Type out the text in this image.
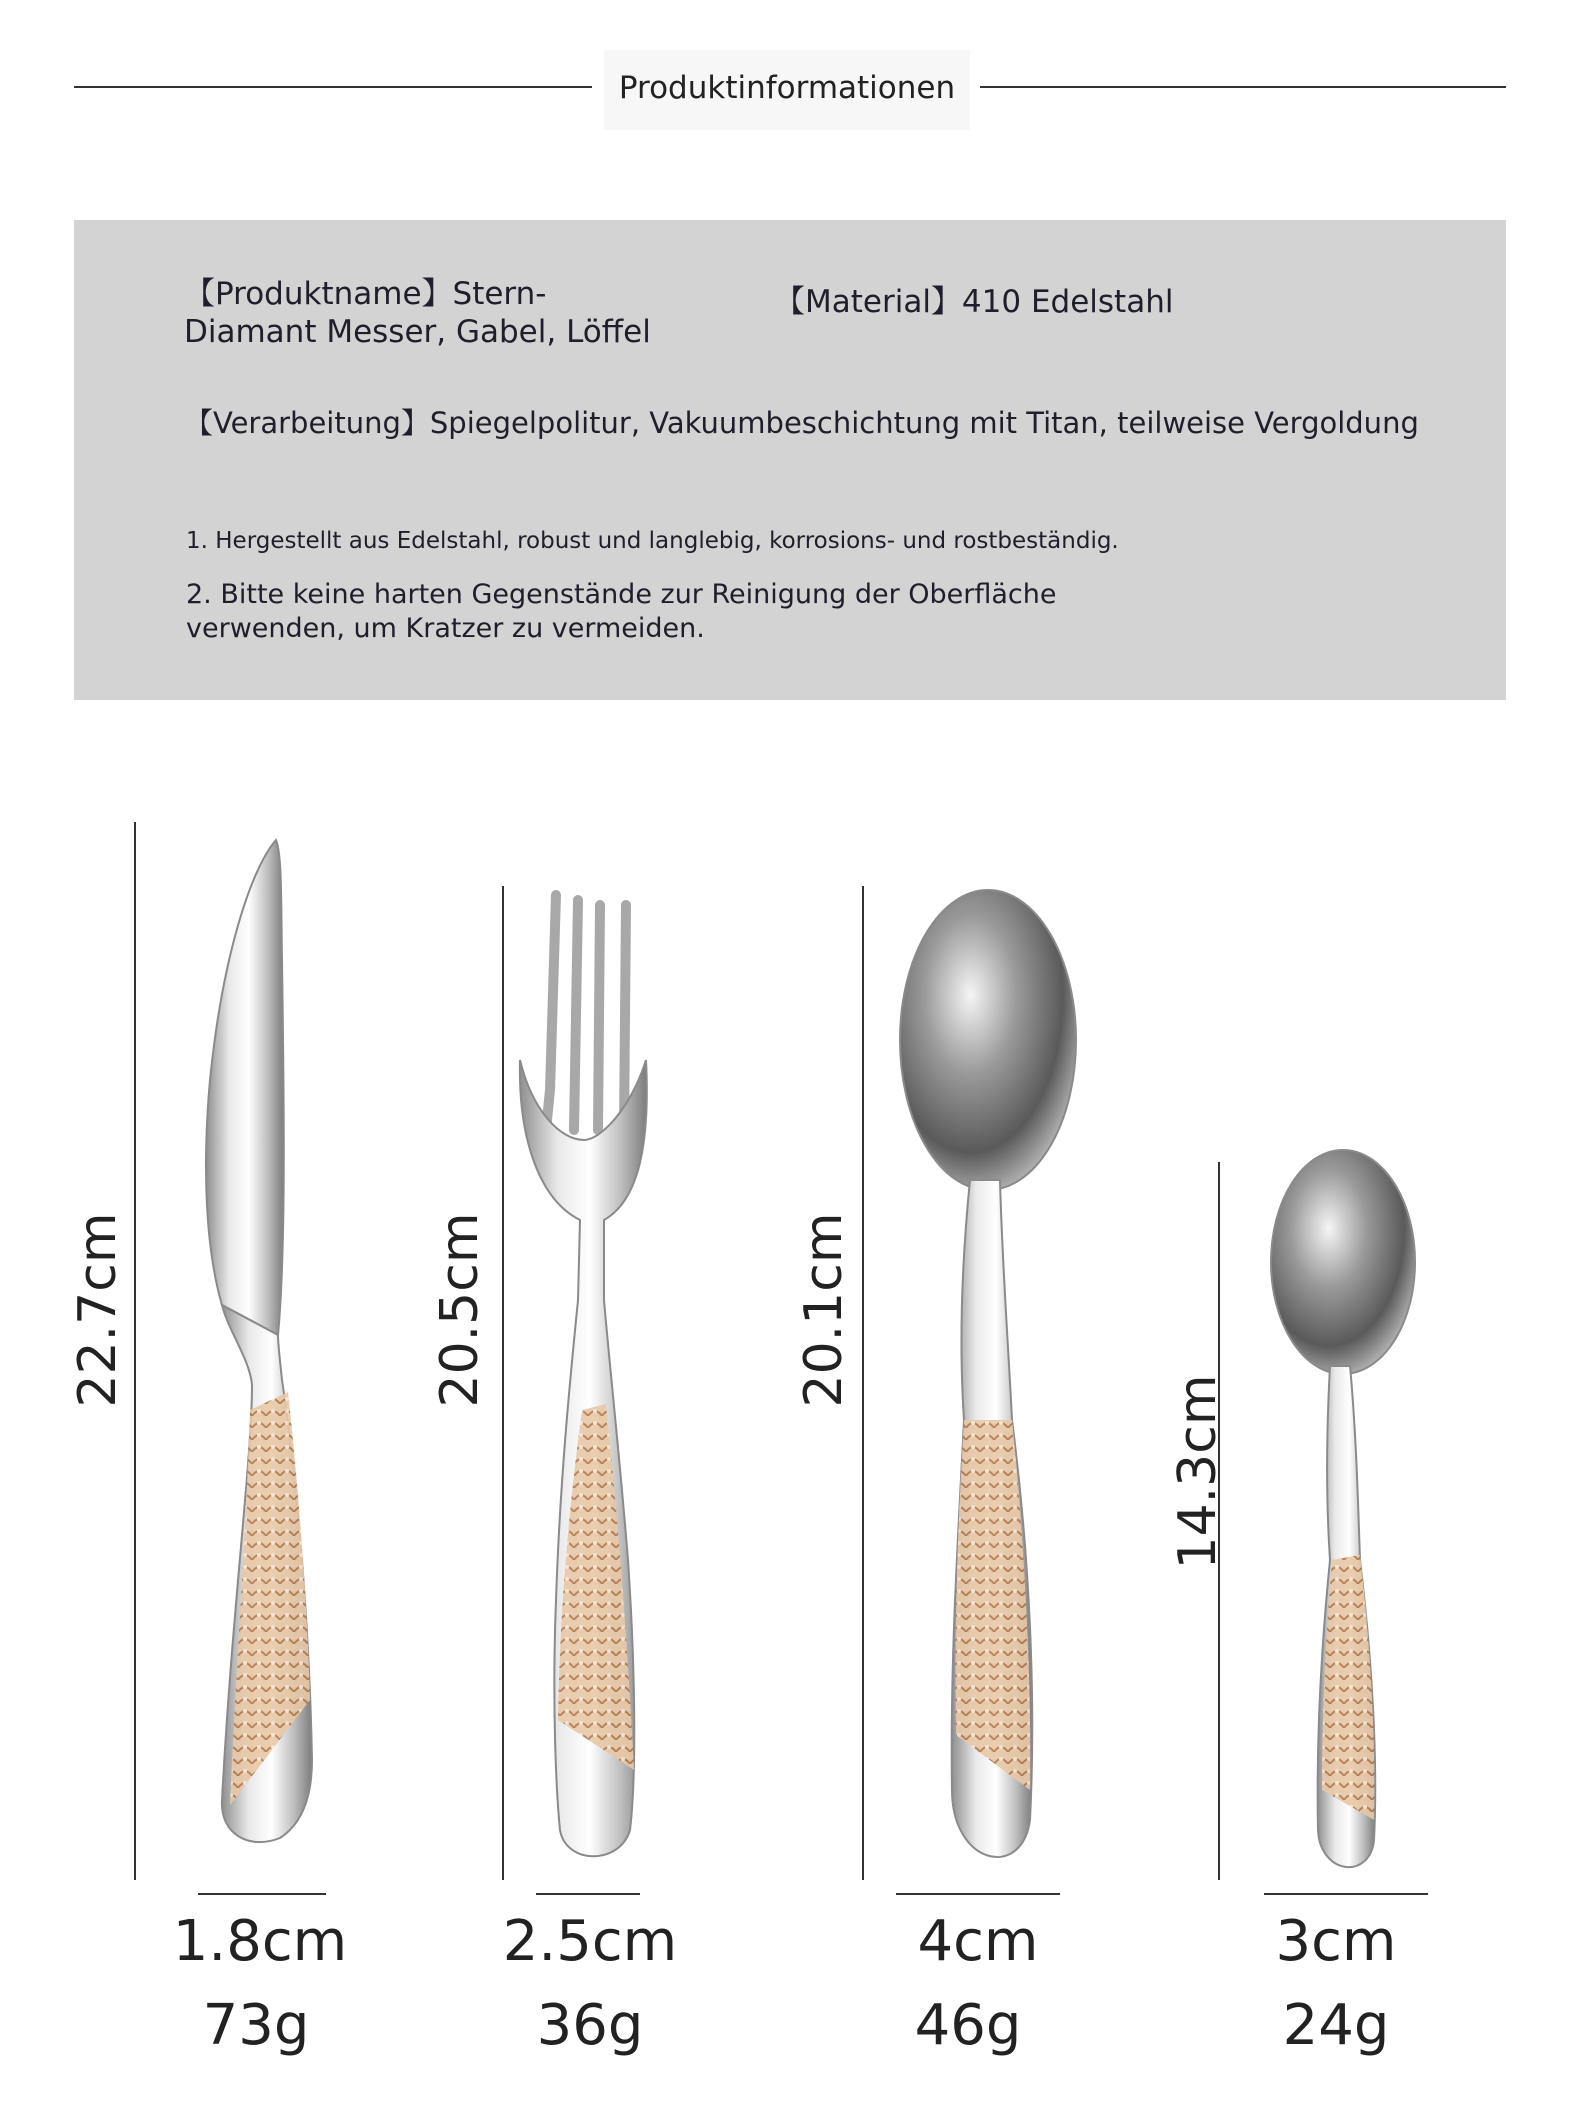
Produktinformationen
【Produktname】Stern-Diamant Messer, Gabel, Löffel
【Material】410 Edelstahl
【Verarbeitung】Spiegelpolitur, Vakuumbeschichtung mit Titan, teilweise Vergoldung
1. Hergestellt aus Edelstahl, robust und langlebig, korrosions- und rostbeständig.
2. Bitte keine harten Gegenstände zur Reinigung der Oberfläche verwenden, um Kratzer zu vermeiden.
22.7cm	20.5cm	20.1cm
14.3cm
1.8cm	2.5cm	4cm	3cm
73g	36g	46g	24g
